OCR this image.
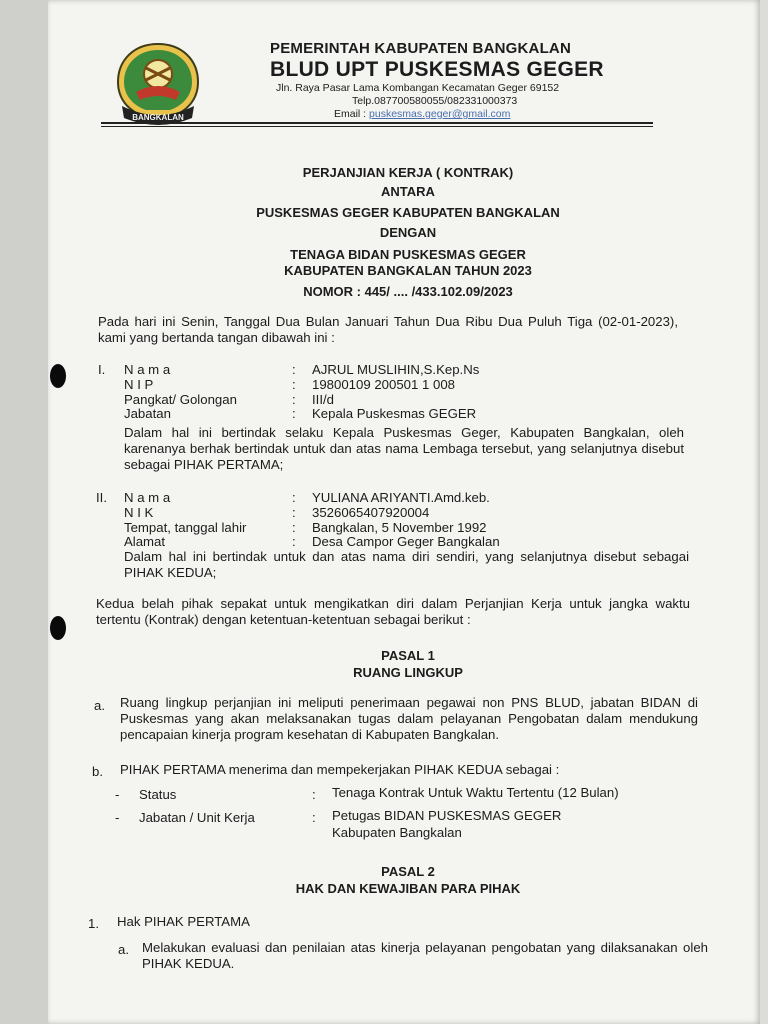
BANGKALAN
PEMERINTAH KABUPATEN BANGKALAN
BLUD UPT PUSKESMAS GEGER
Jln. Raya Pasar Lama Kombangan Kecamatan Geger 69152
Telp.087700580055/082331000373
Email : puskesmas.geger@gmail.com
PERJANJIAN KERJA ( KONTRAK)
ANTARA
PUSKESMAS GEGER KABUPATEN BANGKALAN
DENGAN
TENAGA BIDAN PUSKESMAS GEGER
KABUPATEN BANGKALAN TAHUN 2023
NOMOR : 445/ .... /433.102.09/2023
Pada hari ini Senin, Tanggal Dua Bulan Januari Tahun Dua Ribu Dua Puluh Tiga (02-01-2023), kami yang bertanda tangan dibawah ini :
I. N a m a	: AJRUL MUSLIHIN,S.Kep.Ns
N I P	: 19800109 200501 1 008
Pangkat/ Golongan	: III/d
Jabatan	: Kepala Puskesmas GEGER
Dalam hal ini bertindak selaku Kepala Puskesmas Geger, Kabupaten Bangkalan, oleh karenanya berhak bertindak untuk dan atas nama Lembaga tersebut, yang selanjutnya disebut sebagai PIHAK PERTAMA;
II. N a m a	: YULIANA ARIYANTI.Amd.keb.
N I K	: 3526065407920004
Tempat, tanggal lahir	: Bangkalan, 5 November 1992
Alamat	: Desa Campor Geger Bangkalan
Dalam hal ini bertindak untuk dan atas nama diri sendiri, yang selanjutnya disebut sebagai PIHAK KEDUA;
Kedua belah pihak sepakat untuk mengikatkan diri dalam Perjanjian Kerja untuk jangka waktu tertentu (Kontrak) dengan ketentuan-ketentuan sebagai berikut :
PASAL 1
RUANG LINGKUP
a. Ruang lingkup perjanjian ini meliputi penerimaan pegawai non PNS BLUD, jabatan BIDAN di Puskesmas yang akan melaksanakan tugas dalam pelayanan Pengobatan dalam mendukung pencapaian kinerja program kesehatan di Kabupaten Bangkalan.
b. PIHAK PERTAMA menerima dan mempekerjakan PIHAK KEDUA sebagai :
- Status	: Tenaga Kontrak Untuk Waktu Tertentu (12 Bulan)
- Jabatan / Unit Kerja	: Petugas BIDAN PUSKESMAS GEGER
Kabupaten Bangkalan
PASAL 2
HAK DAN KEWAJIBAN PARA PIHAK
1. Hak PIHAK PERTAMA
a. Melakukan evaluasi dan penilaian atas kinerja pelayanan pengobatan yang dilaksanakan oleh PIHAK KEDUA.
